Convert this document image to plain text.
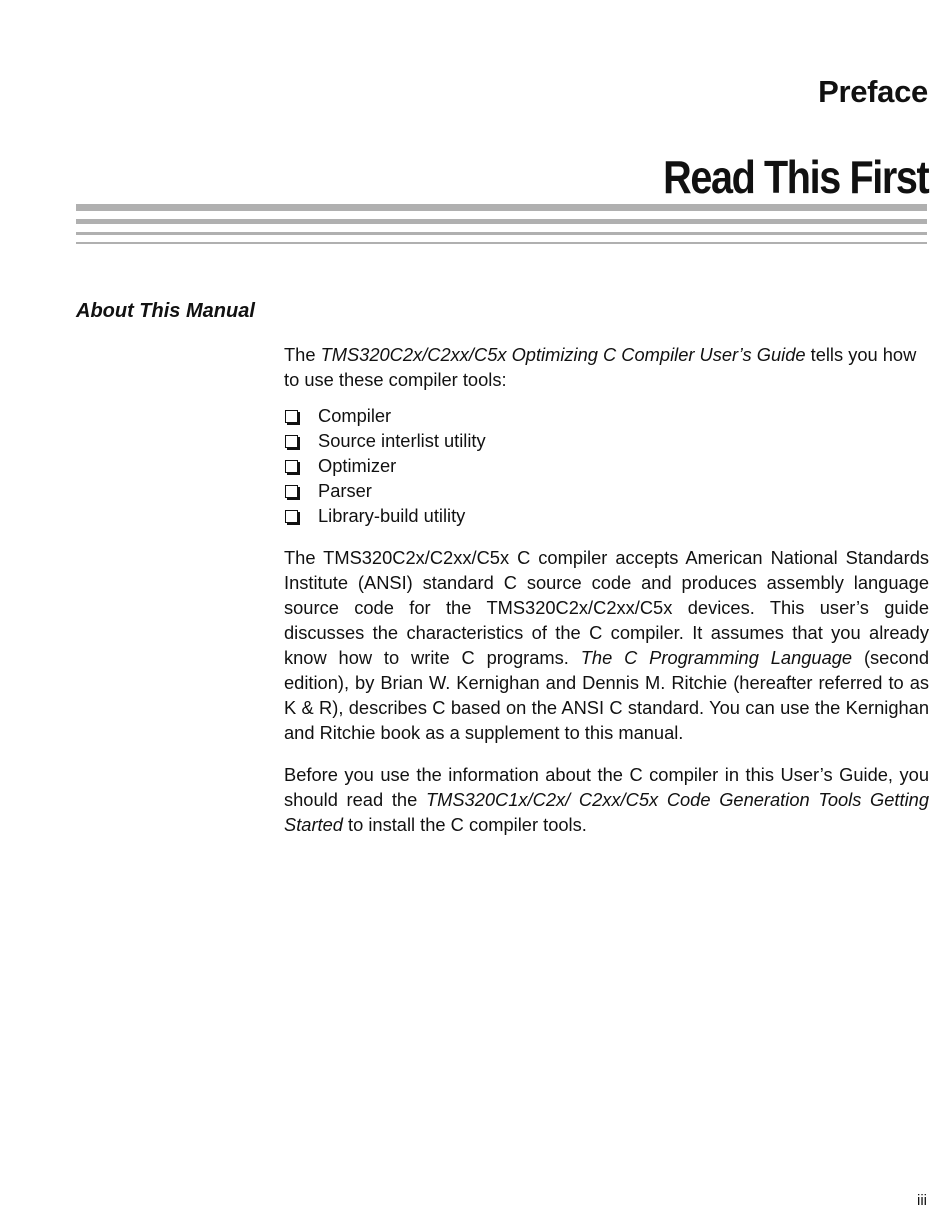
Preface
Read This First
About This Manual

The TMS320C2x/C2xx/C5x Optimizing C Compiler User’s Guide tells you how to use these compiler tools:

Compiler
Source interlist utility
Optimizer
Parser
Library-build utility

The TMS320C2x/C2xx/C5x C compiler accepts American National Standards Institute (ANSI) standard C source code and produces assembly language source code for the TMS320C2x/C2xx/C5x devices. This user’s guide discusses the characteristics of the C compiler. It assumes that you already know how to write C programs. The C Programming Language (second edition), by Brian W. Kernighan and Dennis M. Ritchie (hereafter referred to as K & R), describes C based on the ANSI C standard. You can use the Kernighan and Ritchie book as a supplement to this manual.

Before you use the information about the C compiler in this User’s Guide, you should read the TMS320C1x/C2x/ C2xx/C5x Code Generation Tools Getting Started to install the C compiler tools.

iii
